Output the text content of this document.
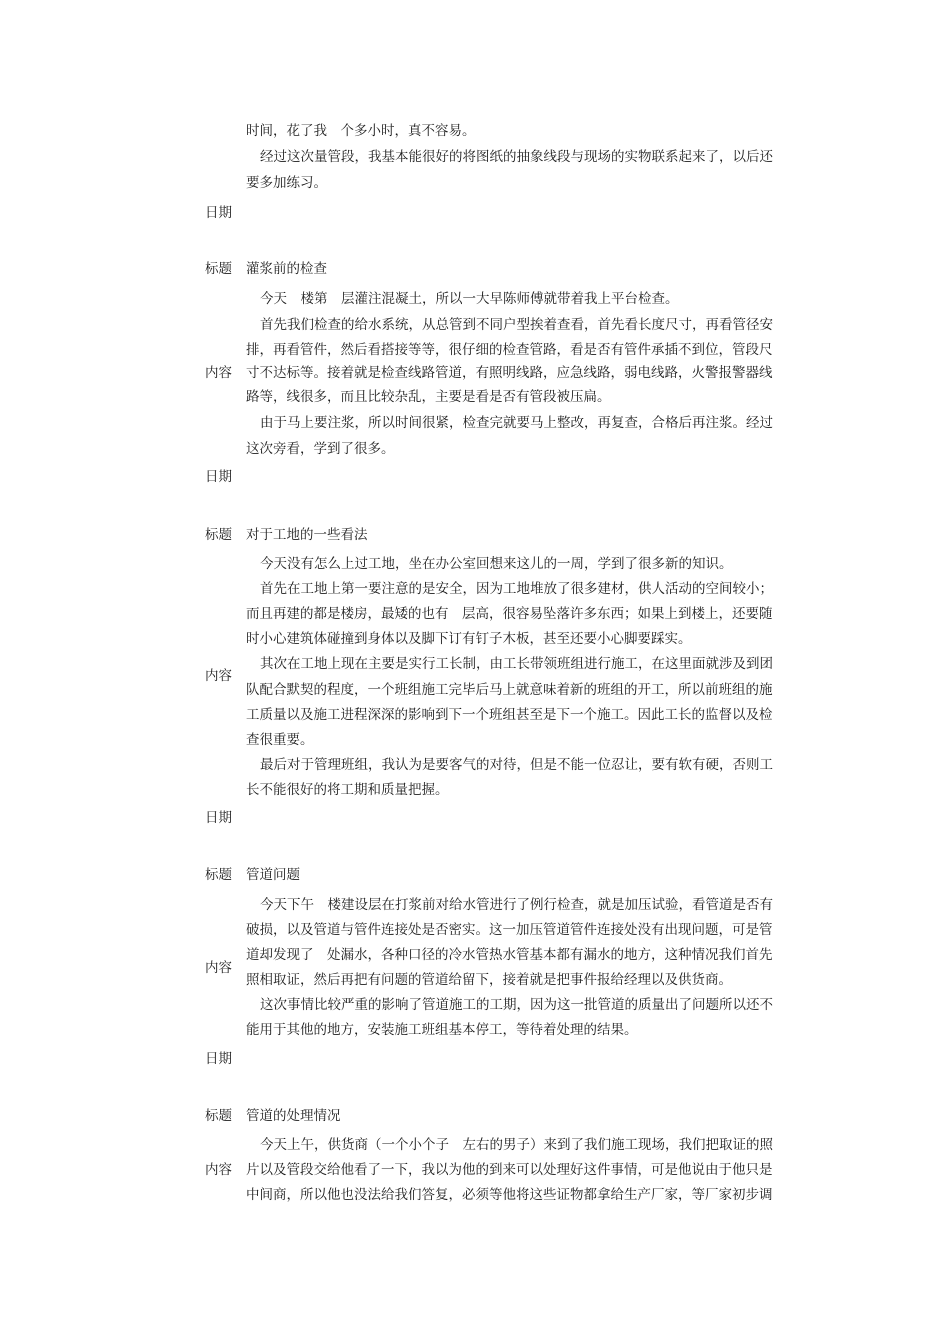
时间，花了我　个多小时，真不容易。
经过这次量管段，我基本能很好的将图纸的抽象线段与现场的实物联系起来了，以后还
要多加练习。
日期
标题 灌浆前的检查
今天　楼第　层灌注混凝土，所以一大早陈师傅就带着我上平台检查。
首先我们检查的给水系统，从总管到不同户型挨着查看，首先看长度尺寸，再看管径安
排，再看管件，然后看搭接等等，很仔细的检查管路，看是否有管件承插不到位，管段尺
内容 寸不达标等。接着就是检查线路管道，有照明线路，应急线路，弱电线路，火警报警器线
路等，线很多，而且比较杂乱，主要是看是否有管段被压扁。
由于马上要注浆，所以时间很紧，检查完就要马上整改，再复查，合格后再注浆。经过
这次旁看，学到了很多。
日期
标题 对于工地的一些看法
今天没有怎么上过工地，坐在办公室回想来这儿的一周，学到了很多新的知识。
首先在工地上第一要注意的是安全，因为工地堆放了很多建材，供人活动的空间较小；
而且再建的都是楼房，最矮的也有　层高，很容易坠落许多东西；如果上到楼上，还要随
时小心建筑体碰撞到身体以及脚下订有钉子木板，甚至还要小心脚要踩实。
其次在工地上现在主要是实行工长制，由工长带领班组进行施工，在这里面就涉及到团
内容
队配合默契的程度，一个班组施工完毕后马上就意味着新的班组的开工，所以前班组的施
工质量以及施工进程深深的影响到下一个班组甚至是下一个施工。因此工长的监督以及检
查很重要。
最后对于管理班组，我认为是要客气的对待，但是不能一位忍让，要有软有硬，否则工
长不能很好的将工期和质量把握。
日期
标题 管道问题
今天下午　楼建设层在打浆前对给水管进行了例行检查，就是加压试验，看管道是否有
破损，以及管道与管件连接处是否密实。这一加压管道管件连接处没有出现问题，可是管
道却发现了　处漏水，各种口径的冷水管热水管基本都有漏水的地方，这种情况我们首先
内容
照相取证，然后再把有问题的管道给留下，接着就是把事件报给经理以及供货商。
这次事情比较严重的影响了管道施工的工期，因为这一批管道的质量出了问题所以还不
能用于其他的地方，安装施工班组基本停工，等待着处理的结果。
日期
标题 管道的处理情况
今天上午，供货商（一个小个子　左右的男子）来到了我们施工现场，我们把取证的照
内容 片以及管段交给他看了一下，我以为他的到来可以处理好这件事情，可是他说由于他只是
中间商，所以他也没法给我们答复，必须等他将这些证物都拿给生产厂家，等厂家初步调
